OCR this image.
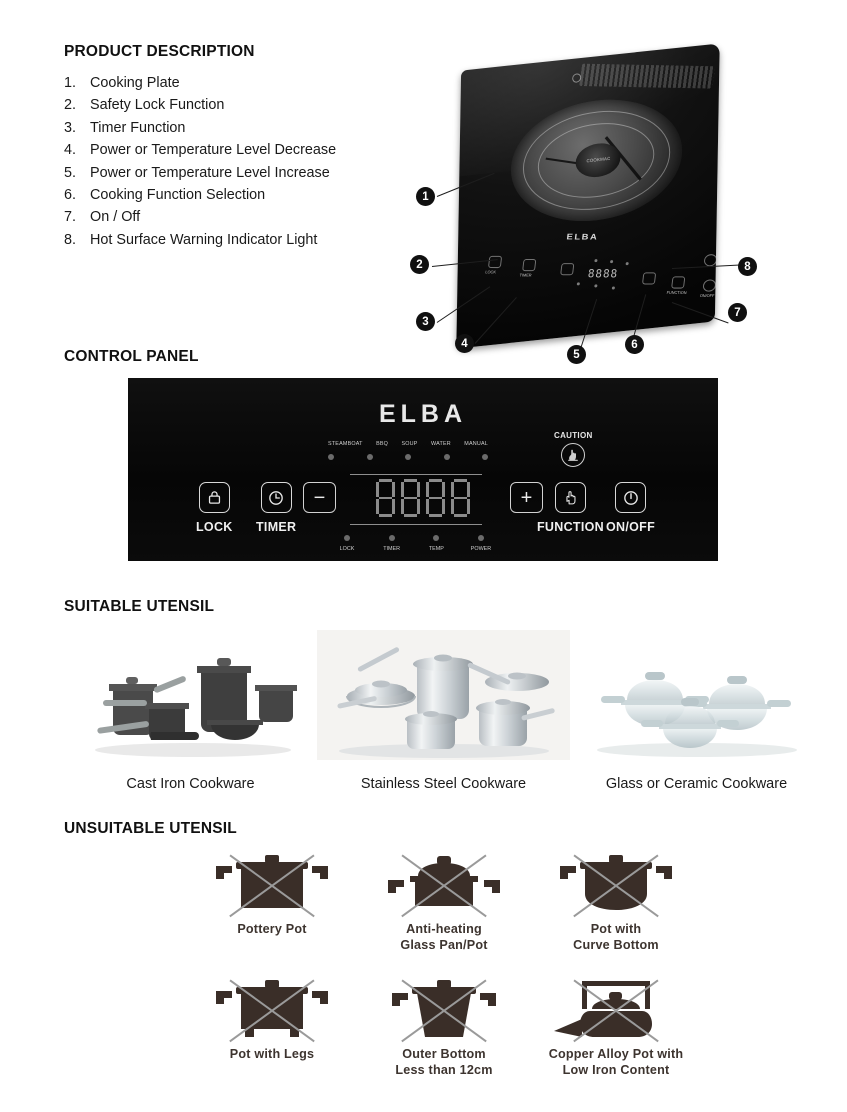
PRODUCT DESCRIPTION
1. Cooking Plate
2. Safety Lock Function
3. Timer Function
4. Power or Temperature Level Decrease
5. Power or Temperature Level Increase
6. Cooking Function Selection
7. On / Off
8. Hot Surface Warning Indicator Light
COOKMAC
ELBA
LOCK
TIMER	8888
FUNCTION
ON/OFF
1
2
3
4
5
6
7
8
CONTROL PANEL
ELBA
STEAMBOAT BBQ SOUP WATER MANUAL
−	+
LOCK	TIMER	TEMP	POWER
LOCK TIMER	FUNCTION ON/OFF
CAUTION
SUITABLE UTENSIL
Cast Iron Cookware	Stainless Steel Cookware	Glass or Ceramic Cookware
UNSUITABLE UTENSIL
Pottery Pot	Anti-heating
Glass Pan/Pot
Pot with
Curve Bottom
Pot with Legs	Outer Bottom
Less than 12cm
Copper Alloy Pot with
Low Iron Content
